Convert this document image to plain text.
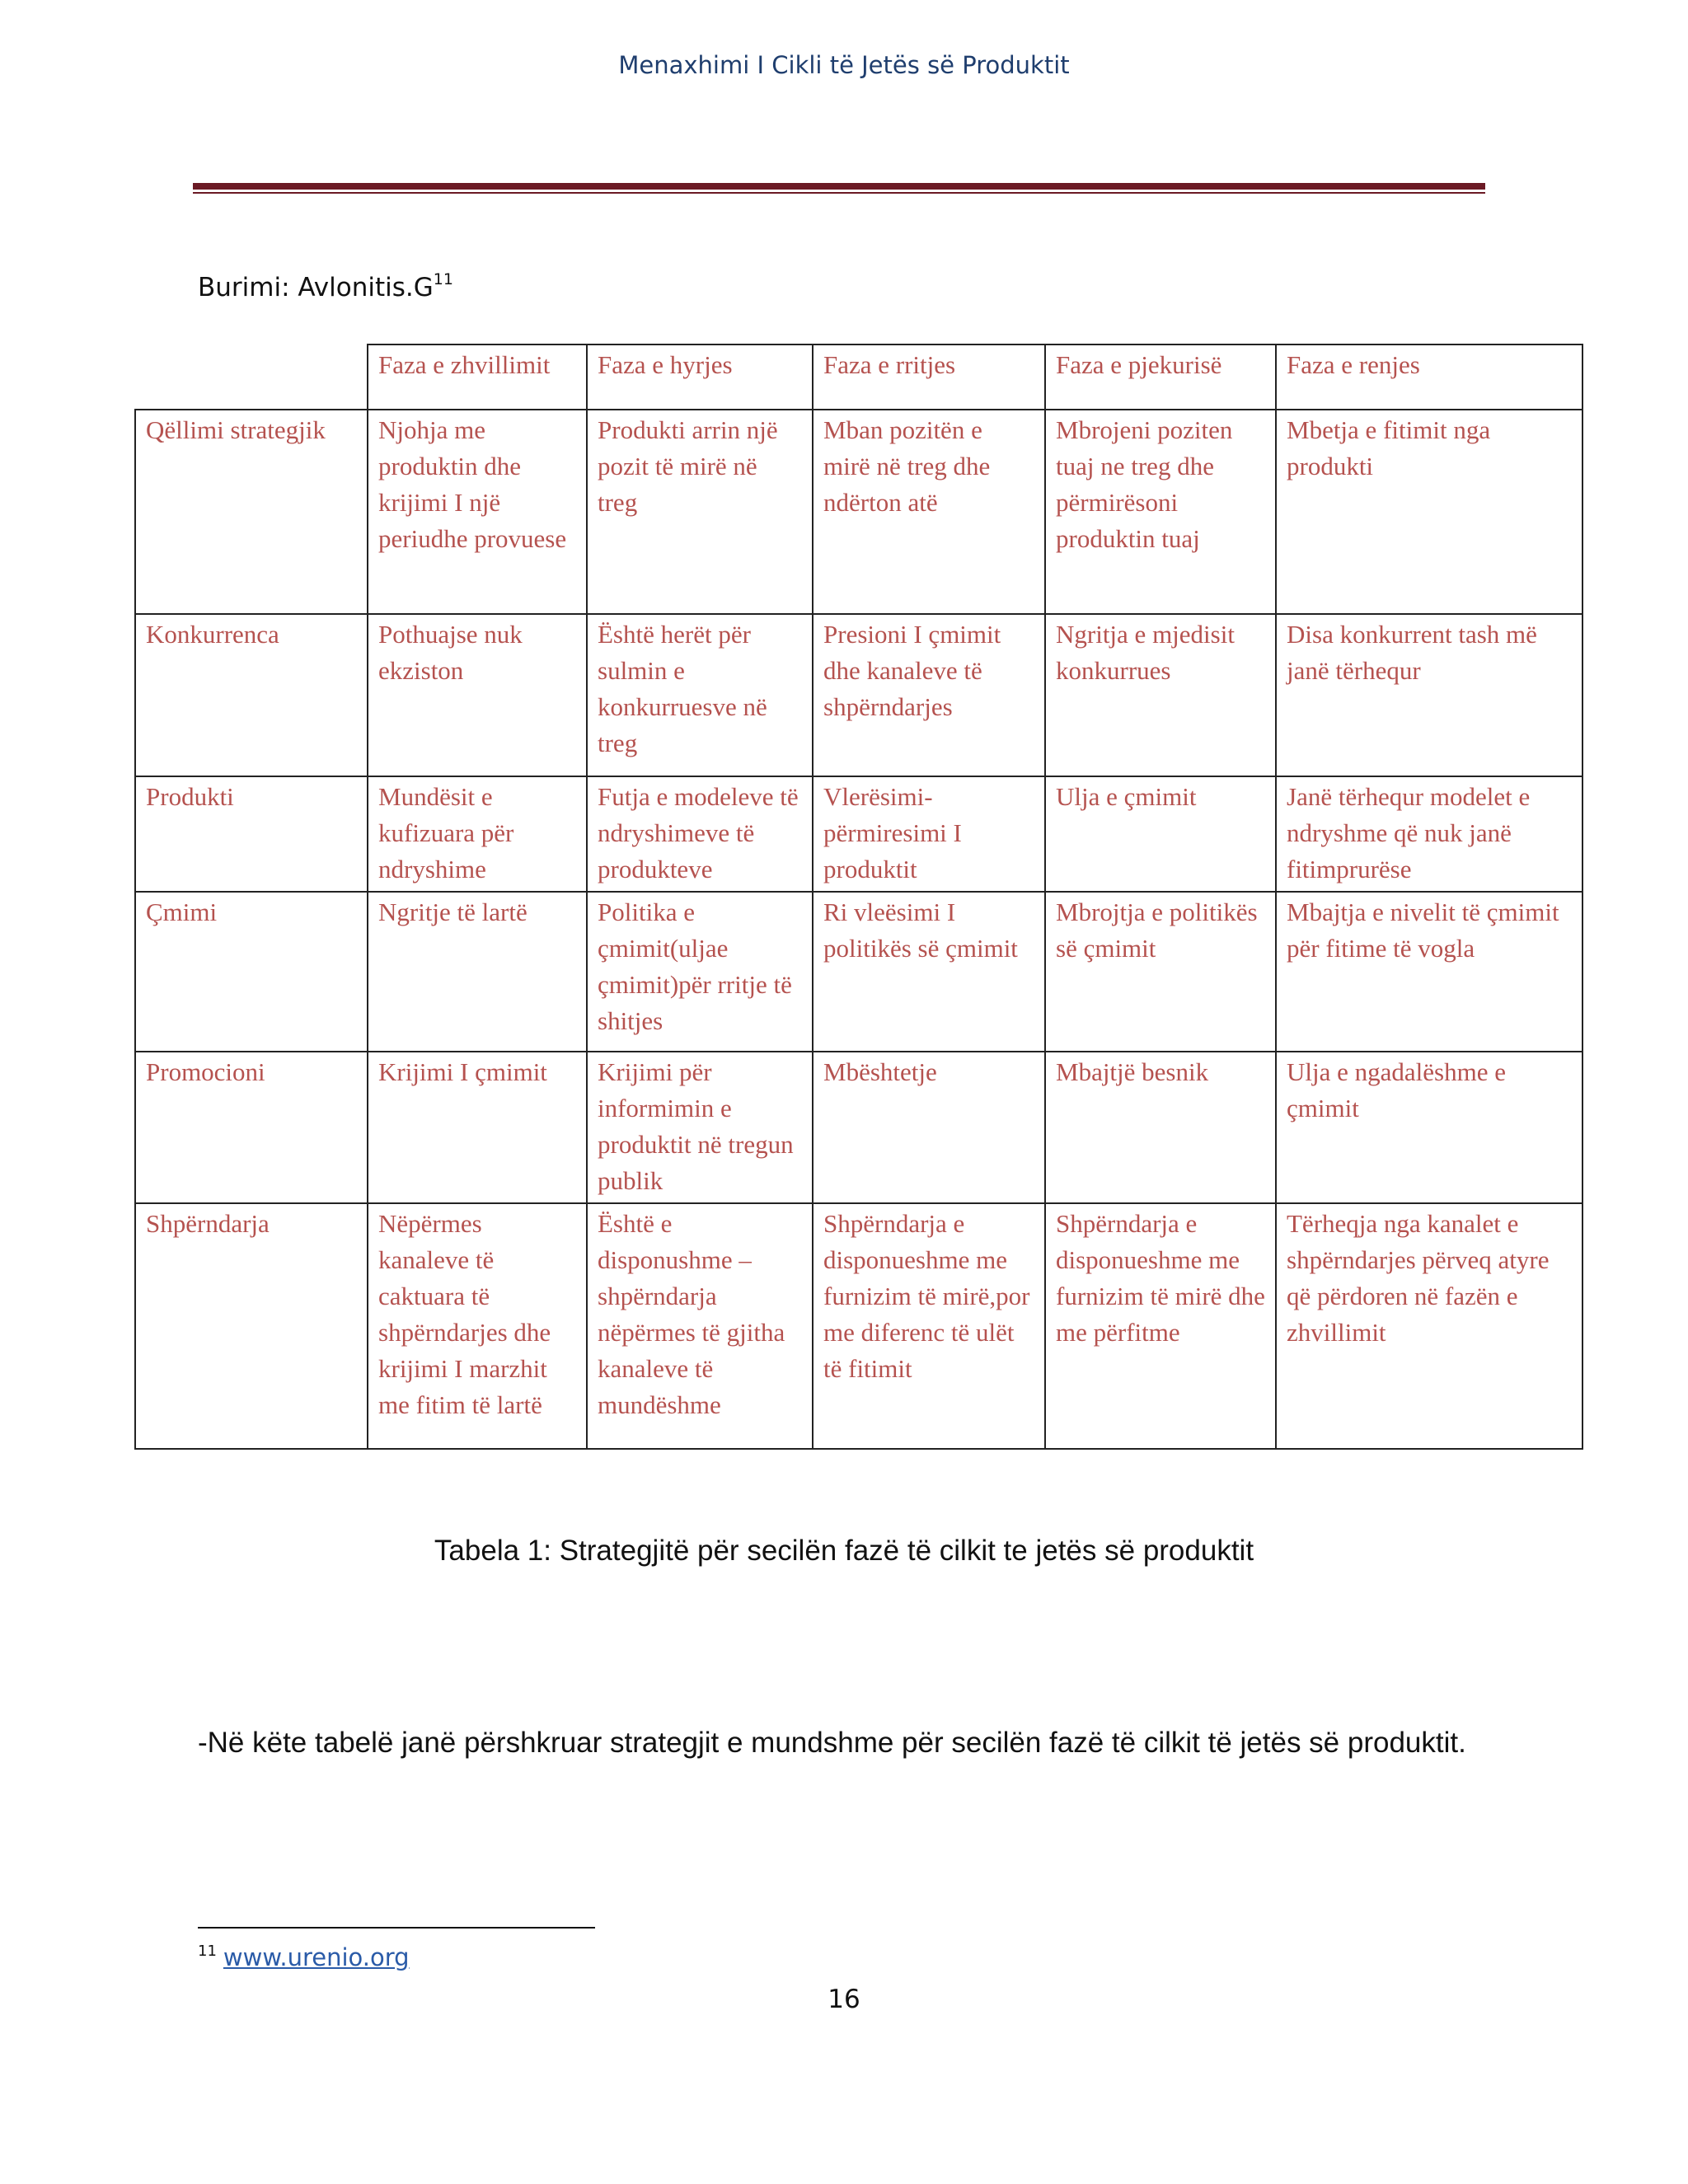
Menaxhimi I Cikli të Jetës së Produktit
Burimi: $Avlonitis.G^{11}$
	Faza e zhvillimit	Faza e hyrjes	Faza e rritjes	Faza e pjekurisë	Faza e renjes
Qëllimi strategjik	Njohja me produktin dhe krijimi I një periudhe provuese	Produkti arrin një pozit të mirë në treg	Mban pozitën e mirë në treg dhe ndërton atë	Mbrojeni poziten tuaj ne treg dhe përmirësoni produktin tuaj	Mbetja e fitimit nga produkti
Konkurrenca	Pothuajse nuk ekziston	Është herët për sulmin e konkurruesve në treg	Presioni I çmimit dhe kanaleve të shpërndarjes	Ngritja e mjedisit konkurrues	Disa konkurrent tash më janë tërhequr
Produkti	Mundësit e kufizuara për ndryshime	Futja e modeleve të ndryshimeve të produkteve	Vlerësimi-përmiresimi I produktit	Ulja e çmimit	Janë tërhequr modelet e ndryshme që nuk janë fitimprurëse
Çmimi	Ngritje të lartë	Politika e çmimit(uljae çmimit)për rritje të shitjes	Ri vleësimi I politikës së çmimit	Mbrojtja e politikës së çmimit	Mbajtja e nivelit të çmimit për fitime të vogla
Promocioni	Krijimi I çmimit	Krijimi për informimin e produktit në tregun publik	Mbështetje	Mbajtjë besnik	Ulja e ngadalëshme e çmimit
Shpërndarja	Nëpërmes kanaleve të caktuara të shpërndarjes dhe krijimi I marzhit me fitim të lartë	Është e disponushme – shpërndarja nëpërmes të gjitha kanaleve të mundëshme	Shpërndarja e disponueshme me furnizim të mirë,por me diferenc të ulët të fitimit	Shpërndarja e disponueshme me furnizim të mirë dhe me përfitme	Tërheqja nga kanalet e shpërndarjes përveq atyre që përdoren në fazën e zhvillimit
Tabela 1: Strategjitë për secilën fazë të cilkit te jetës së produktit
-Në këte tabelë janë përshkruar strategjit e mundshme për secilën fazë të cilkit të jetës së produktit.
$^{11}$ www.urenio.org
16
